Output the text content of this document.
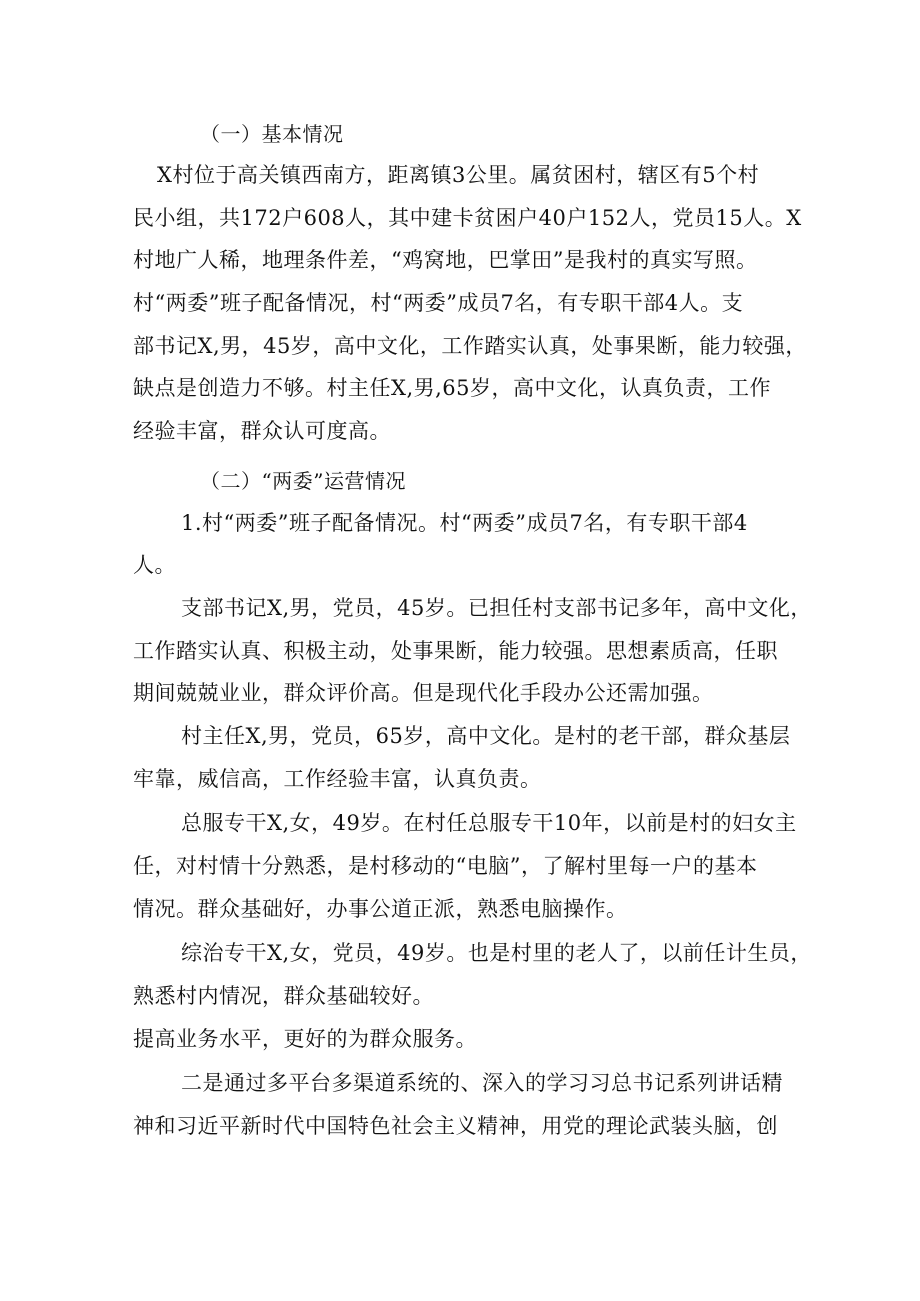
（一）基本情况
X村位于高关镇西南方，距离镇3公里。属贫困村，辖区有5个村
民小组，共172户608人，其中建卡贫困户40户152人，党员15人。X
村地广人稀，地理条件差，“鸡窝地，巴掌田”是我村的真实写照。
村“两委”班子配备情况，村“两委”成员7名，有专职干部4人。支
部书记X,男，45岁，高中文化，工作踏实认真，处事果断，能力较强，
缺点是创造力不够。村主任X,男,65岁，高中文化，认真负责，工作
经验丰富，群众认可度高。
（二）“两委”运营情况
1.村“两委”班子配备情况。村“两委”成员7名，有专职干部4
人。
支部书记X,男，党员，45岁。已担任村支部书记多年，高中文化，
工作踏实认真、积极主动，处事果断，能力较强。思想素质高，任职
期间兢兢业业，群众评价高。但是现代化手段办公还需加强。
村主任X,男，党员，65岁，高中文化。是村的老干部，群众基层
牢靠，威信高，工作经验丰富，认真负责。
总服专干X,女，49岁。在村任总服专干10年，以前是村的妇女主
任，对村情十分熟悉，是村移动的“电脑”，了解村里每一户的基本
情况。群众基础好，办事公道正派，熟悉电脑操作。
综治专干X,女，党员，49岁。也是村里的老人了，以前任计生员，
熟悉村内情况，群众基础较好。
提高业务水平，更好的为群众服务。
二是通过多平台多渠道系统的、深入的学习习总书记系列讲话精
神和习近平新时代中国特色社会主义精神，用党的理论武装头脑，创
